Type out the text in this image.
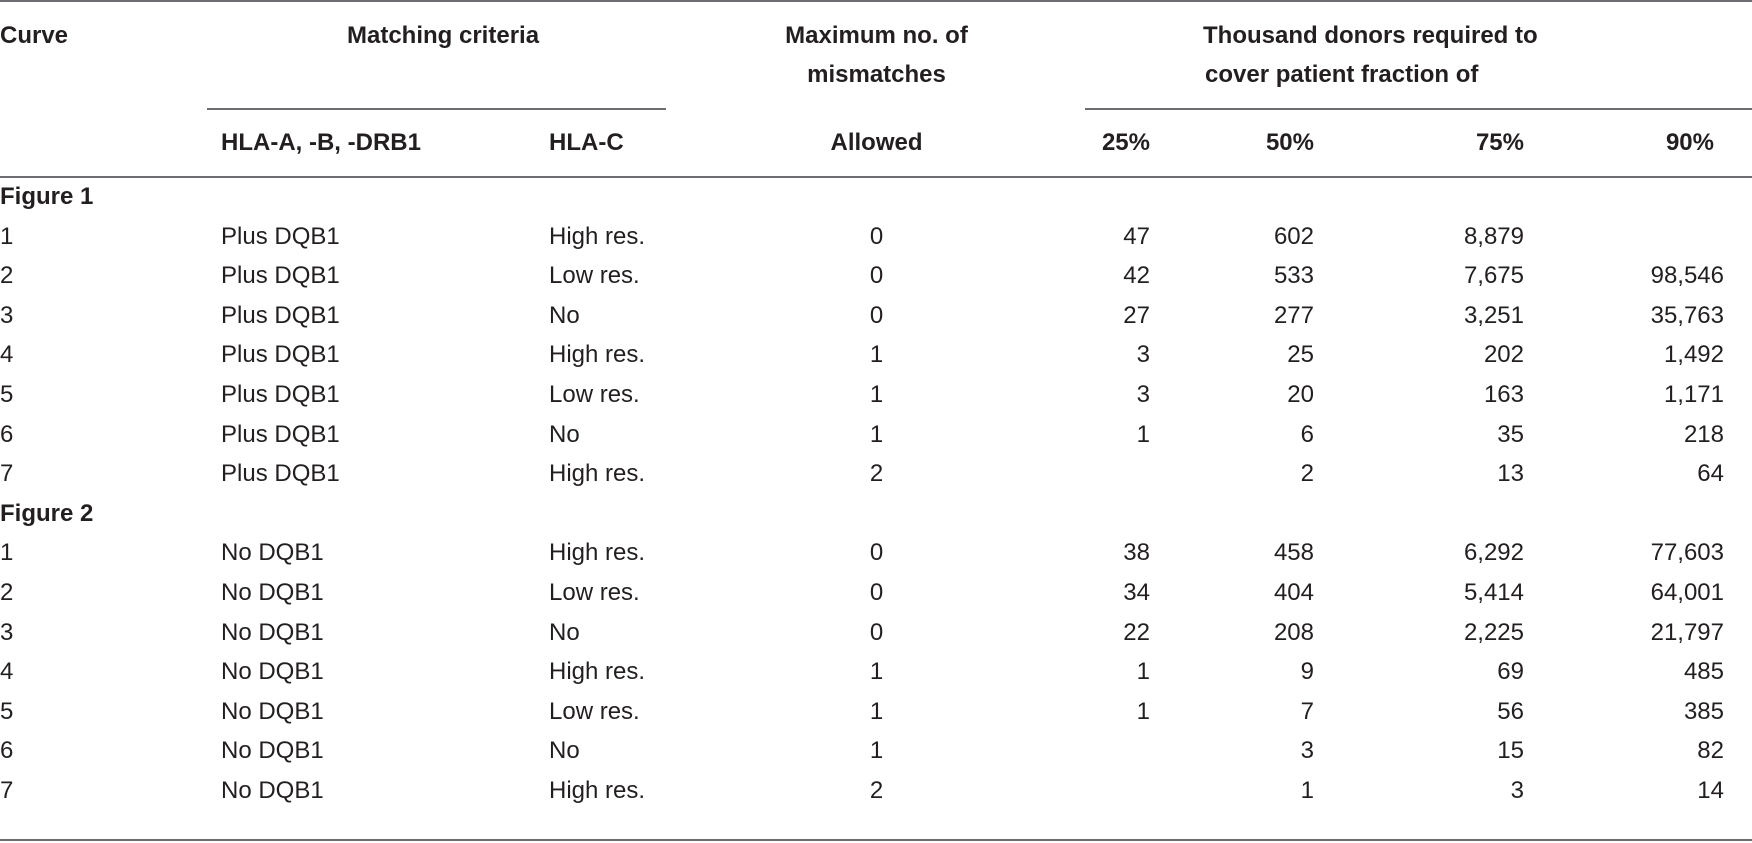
Curve	Matching criteria		Maximum no. of
mismatches	Thousand donors required to
cover patient fraction of			

	HLA-A, -B, -DRB1	HLA-C	Allowed	25%	50%	75%	90%
Figure 1							
1	Plus DQB1	High res.	0	47	602	8,879	
2	Plus DQB1	Low res.	0	42	533	7,675	98,546
3	Plus DQB1	No	0	27	277	3,251	35,763
4	Plus DQB1	High res.	1	3	25	202	1,492
5	Plus DQB1	Low res.	1	3	20	163	1,171
6	Plus DQB1	No	1	1	6	35	218
7	Plus DQB1	High res.	2		2	13	64
Figure 2							
1	No DQB1	High res.	0	38	458	6,292	77,603
2	No DQB1	Low res.	0	34	404	5,414	64,001
3	No DQB1	No	0	22	208	2,225	21,797
4	No DQB1	High res.	1	1	9	69	485
5	No DQB1	Low res.	1	1	7	56	385
6	No DQB1	No	1		3	15	82
7	No DQB1	High res.	2		1	3	14
